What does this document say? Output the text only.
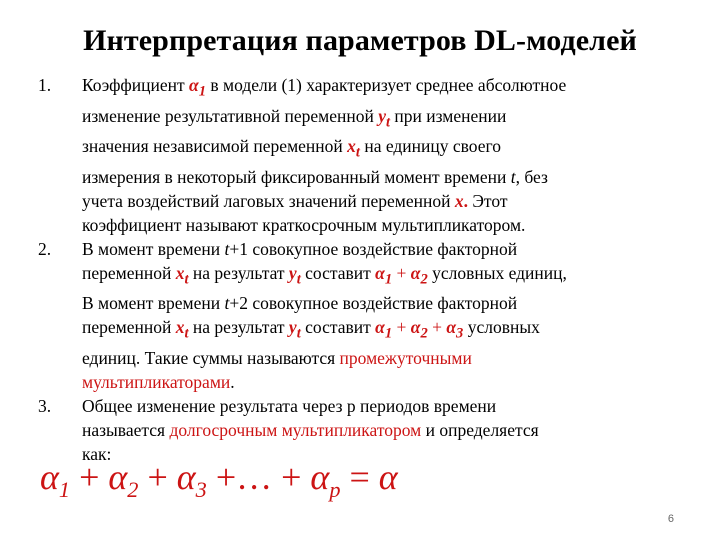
Интерпретация параметров DL-моделей
1. Коэффициент $\alpha_1$ в модели (1) характеризует среднее абсолютное
изменение результативной переменной $y_t$ при изменении
значения независимой переменной $x_t$ на единицу своего
измерения в некоторый фиксированный момент времени t, без
учета воздействий лаговых значений переменной x. Этот
коэффициент называют краткосрочным мультипликатором.
2. В момент времени t+1 совокупное воздействие факторной
переменной $x_t$ на результат $y_t$ составит $\alpha_1 + \alpha_2$ условных единиц,
В момент времени t+2 совокупное воздействие факторной
переменной $x_t$ на результат $y_t$ составит $\alpha_1 + \alpha_2 + \alpha_3$ условных
единиц. Такие суммы называются промежуточными
мультипликаторами.
3. Общее изменение результата через p периодов времени
называется долгосрочным мультипликатором и определяется
как:
$\alpha_1 + \alpha_2 + \alpha_3$ +… + $\alpha_p = \alpha$
6
